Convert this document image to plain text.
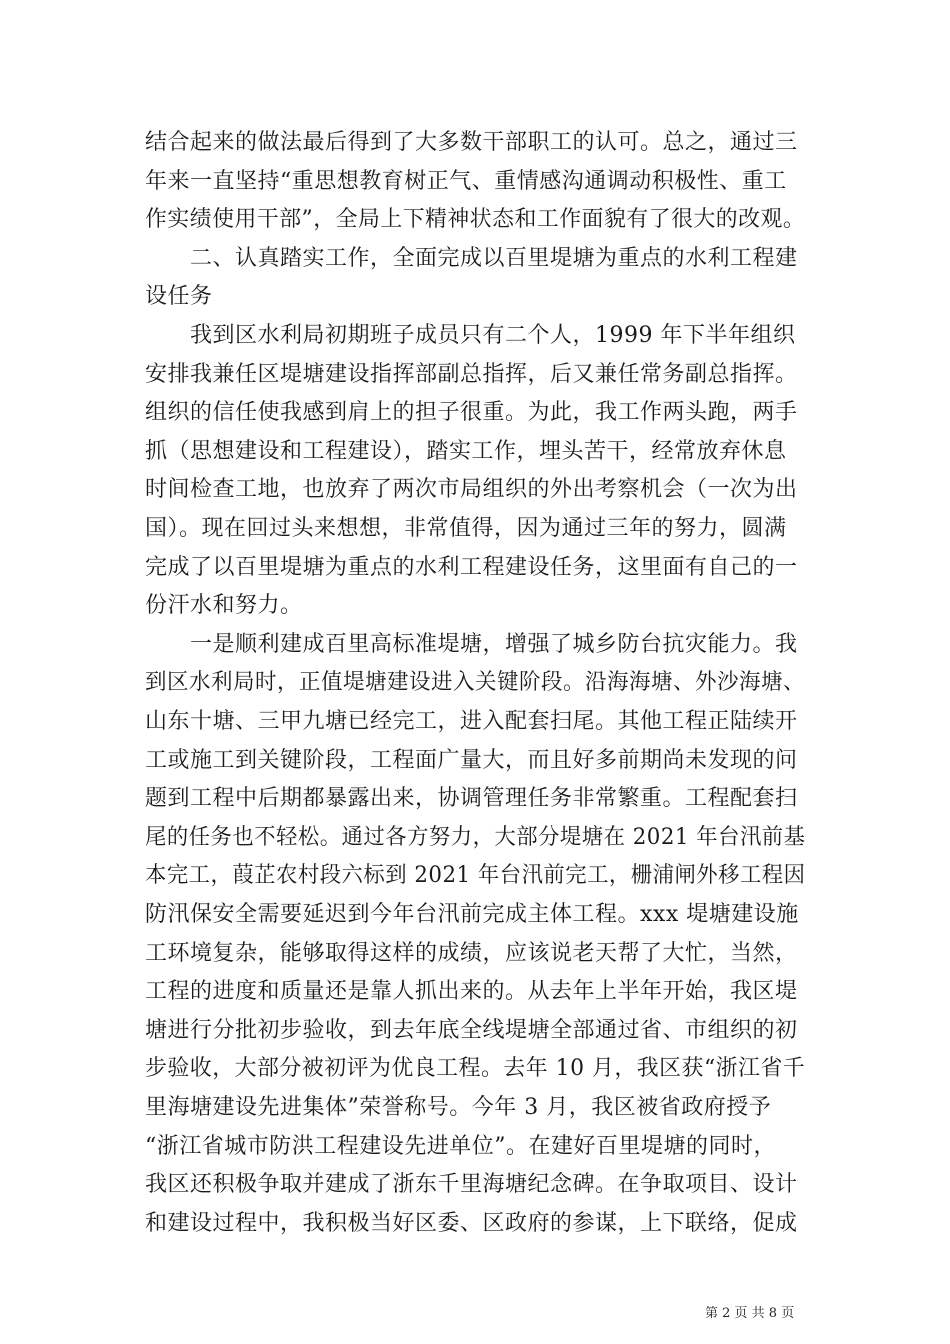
结合起来的做法最后得到了大多数干部职工的认可。总之，通过三
年来一直坚持“重思想教育树正气、重情感沟通调动积极性、重工
作实绩使用干部”，全局上下精神状态和工作面貌有了很大的改观。
　　二、认真踏实工作，全面完成以百里堤塘为重点的水利工程建
设任务
　　我到区水利局初期班子成员只有二个人，1999 年下半年组织
安排我兼任区堤塘建设指挥部副总指挥，后又兼任常务副总指挥。
组织的信任使我感到肩上的担子很重。为此，我工作两头跑，两手
抓（思想建设和工程建设），踏实工作，埋头苦干，经常放弃休息
时间检查工地，也放弃了两次市局组织的外出考察机会（一次为出
国）。现在回过头来想想，非常值得，因为通过三年的努力，圆满
完成了以百里堤塘为重点的水利工程建设任务，这里面有自己的一
份汗水和努力。
　　一是顺利建成百里高标准堤塘，增强了城乡防台抗灾能力。我
到区水利局时，正值堤塘建设进入关键阶段。沿海海塘、外沙海塘、
山东十塘、三甲九塘已经完工，进入配套扫尾。其他工程正陆续开
工或施工到关键阶段，工程面广量大，而且好多前期尚未发现的问
题到工程中后期都暴露出来，协调管理任务非常繁重。工程配套扫
尾的任务也不轻松。通过各方努力，大部分堤塘在 2021 年台汛前基
本完工，葭芷农村段六标到 2021 年台汛前完工，栅浦闸外移工程因
防汛保安全需要延迟到今年台汛前完成主体工程。xxx 堤塘建设施
工环境复杂，能够取得这样的成绩，应该说老天帮了大忙，当然，
工程的进度和质量还是靠人抓出来的。从去年上半年开始，我区堤
塘进行分批初步验收，到去年底全线堤塘全部通过省、市组织的初
步验收，大部分被初评为优良工程。去年 10 月，我区获“浙江省千
里海塘建设先进集体”荣誉称号。今年 3 月，我区被省政府授予
“浙江省城市防洪工程建设先进单位”。在建好百里堤塘的同时，
我区还积极争取并建成了浙东千里海塘纪念碑。在争取项目、设计
和建设过程中，我积极当好区委、区政府的参谋，上下联络，促成
第 2 页 共 8 页
